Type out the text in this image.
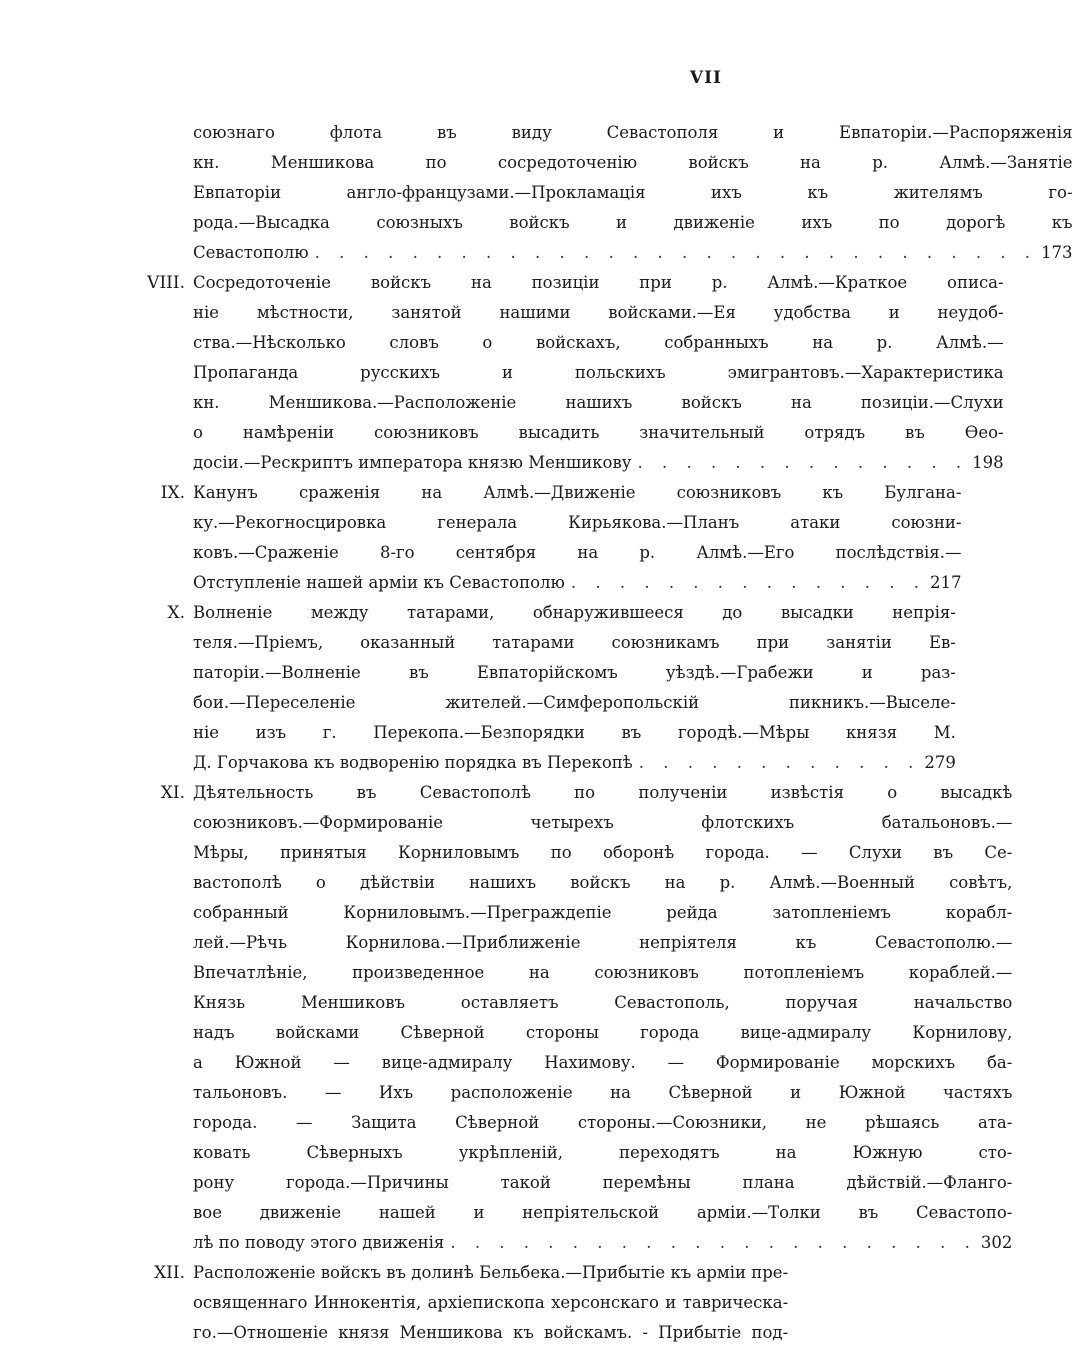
VII
союзнаго флота въ виду Севастополя и Евпаторіи.—Распоряженія
кн. Меншикова по сосредоточенію войскъ на р. Алмѣ.—Занятіе
Евпаторіи англо-французами.—Прокламація ихъ къ жителямъ го-
рода.—Высадка союзныхъ войскъ и движеніе ихъ по дорогѣ къ
Севастополю . . . . . . . . . . . . . . . . . . . . . . . . . . . . . . 173
VIII. Сосредоточеніе войскъ на позиціи при р. Алмѣ.—Краткое описа-
ніе мѣстности, занятой нашими войсками.—Ея удобства и неудоб-
ства.—Нѣсколько словъ о войскахъ, собранныхъ на р. Алмѣ.—
Пропаганда русскихъ и польскихъ эмигрантовъ.—Характеристика
кн. Меншикова.—Расположеніе нашихъ войскъ на позиціи.—Слухи
о намѣреніи союзниковъ высадить значительный отрядъ въ Ѳео-
досіи.—Рескриптъ императора князю Меншикову . . . . . . . . . . . . . . 198
IX. Канунъ сраженія на Алмѣ.—Движеніе союзниковъ къ Булгана-
ку.—Рекогносцировка генерала Кирьякова.—Планъ атаки союзни-
ковъ.—Сраженіе 8-го сентября на р. Алмѣ.—Его послѣдствія.—
Отступленіе нашей арміи къ Севастополю . . . . . . . . . . . . . . . 217
X. Волненіе между татарами, обнаружившееся до высадки непрія-
теля.—Пріемъ, оказанный татарами союзникамъ при занятіи Ев-
паторіи.—Волненіе въ Евпаторійскомъ уѣздѣ.—Грабежи и раз-
бои.—Переселеніе жителей.—Симферопольскій пикникъ.—Выселе-
ніе изъ г. Перекопа.—Безпорядки въ городѣ.—Мѣры князя М.
Д. Горчакова къ водворенію порядка въ Перекопѣ . . . . . . . . . . . . 279
XI. Дѣятельность въ Севастополѣ по полученіи извѣстія о высадкѣ
союзниковъ.—Формированіе четырехъ флотскихъ батальоновъ.—
Мѣры, принятыя Корниловымъ по оборонѣ города. — Слухи въ Се-
вастополѣ о дѣйствіи нашихъ войскъ на р. Алмѣ.—Военный совѣтъ,
собранный Корниловымъ.—Преграждепіе рейда затопленіемъ корабл-
лей.—Рѣчь Корнилова.—Приближеніе непріятеля къ Севастополю.—
Впечатлѣніе, произведенное на союзниковъ потопленіемъ кораблей.—
Князь Меншиковъ оставляетъ Севастополь, поручая начальство
надъ войсками Сѣверной стороны города вице-адмиралу Корнилову,
а Южной — вице-адмиралу Нахимову. — Формированіе морскихъ ба-
тальоновъ. — Ихъ расположеніе на Сѣверной и Южной частяхъ
города. — Защита Сѣверной стороны.—Союзники, не рѣшаясь ата-
ковать Сѣверныхъ укрѣпленій, переходятъ на Южную сто-
рону города.—Причины такой перемѣны плана дѣйствій.—Фланго-
вое движеніе нашей и непріятельской арміи.—Толки въ Севастопо-
лѣ по поводу этого движенія . . . . . . . . . . . . . . . . . . . . . . 302
XII. Расположеніе войскъ въ долинѣ Бельбека.—Прибытіе къ арміи пре-
освященнаго Иннокентія, архіепископа херсонскаго и таврическа-
го.—Отношеніе князя Меншикова къ войскамъ. - Прибытіе под-
